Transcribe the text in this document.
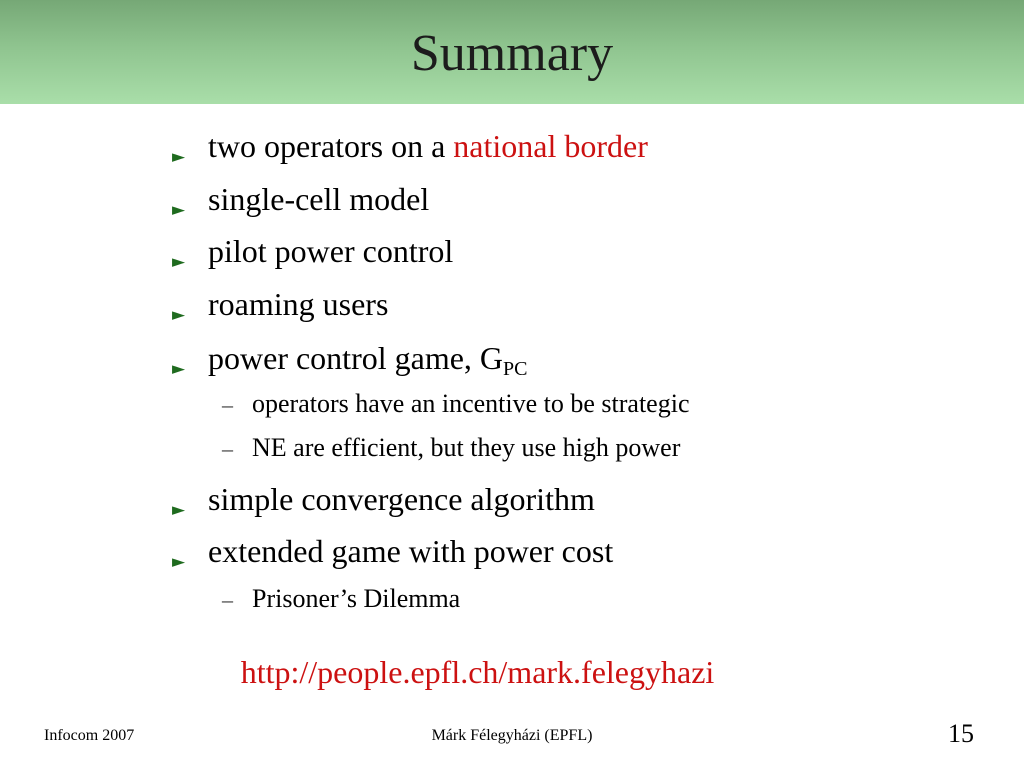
Summary
► two operators on a national border
► single-cell model
► pilot power control
► roaming users
► power control game, $G_{PC}$
– operators have an incentive to be strategic
– NE are efficient, but they use high power
► simple convergence algorithm
► extended game with power cost
– Prisoner’s Dilemma
http://people.epfl.ch/mark.felegyhazi
Infocom 2007	Márk Félegyházi (EPFL)	15
